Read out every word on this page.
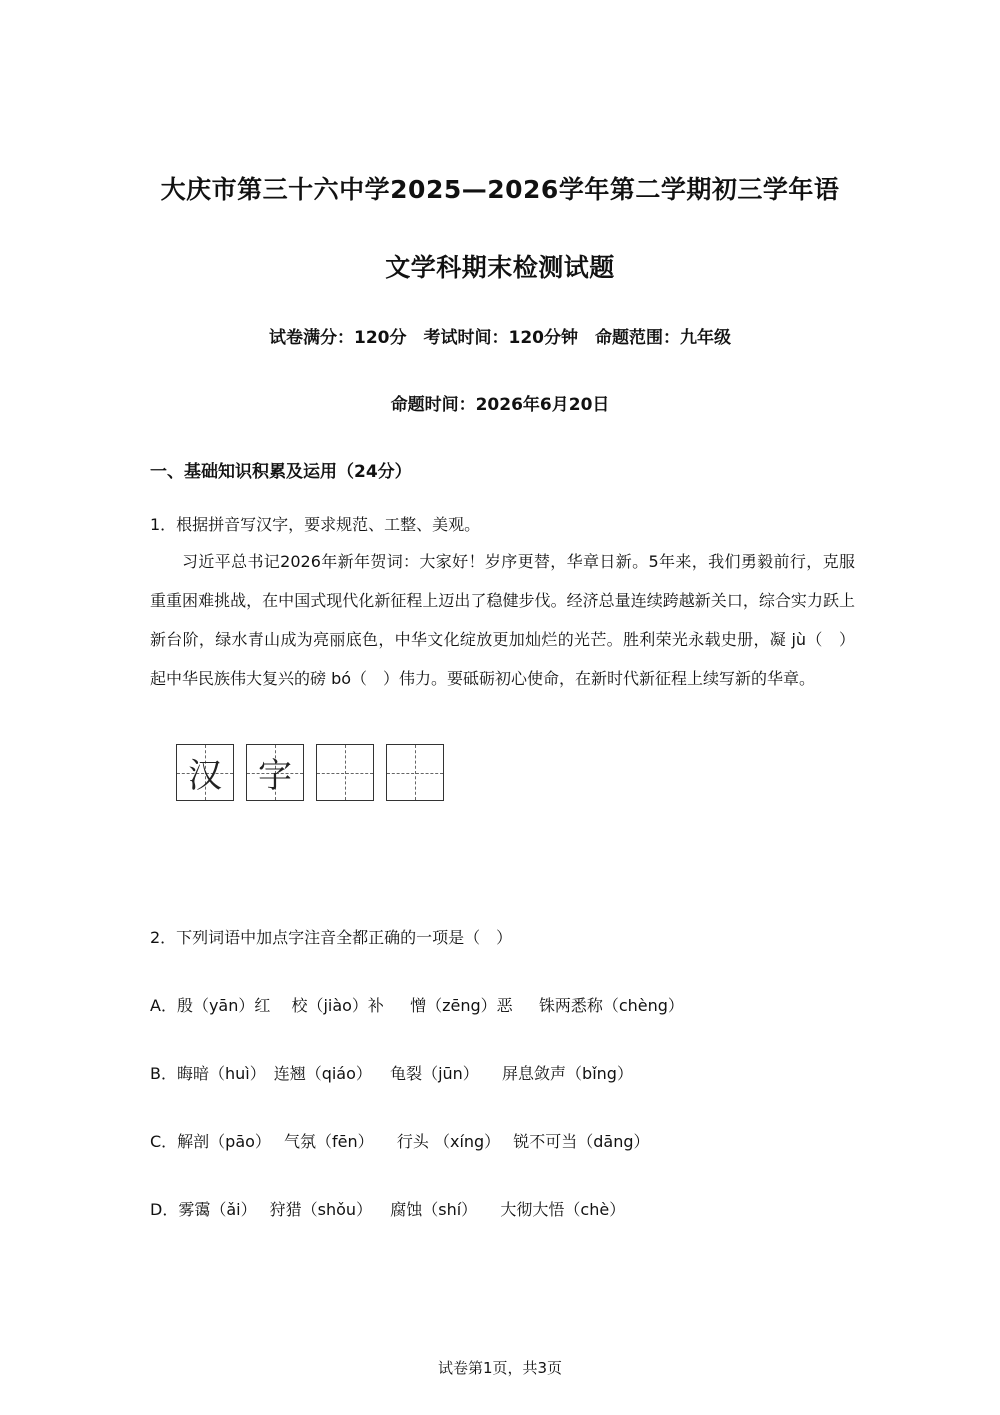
大庆市第三十六中学2025—2026学年第二学期初三学年语
文学科期末检测试题
试卷满分：120分　考试时间：120分钟　命题范围：九年级
命题时间：2026年6月20日
一、基础知识积累及运用（24分）
1．根据拼音写汉字，要求规范、工整、美观。
习近平总书记2026年新年贺词：大家好！岁序更替，华章日新。5年来，我们勇毅前行，克服重重困难挑战，在中国式现代化新征程上迈出了稳健步伐。经济总量连续跨越新关口，综合实力跃上新台阶，绿水青山成为亮丽底色，中华文化绽放更加灿烂的光芒。胜利荣光永载史册，凝 jù（　）起中华民族伟大复兴的磅 bó（　）伟力。要砥砺初心使命，在新时代新征程上续写新的华章。
汉	字
2．下列词语中加点字注音全都正确的一项是（　）
A．殷（yān）红　 校（jiào）补　  憎（zēng）恶　  铢两悉称（chèng）
B．晦暗（huì）　连翘（qiáo）　  龟裂（jūn）　   屏息敛声（bǐng）
C．解剖（pāo）　 气氛（fēn）　   行头 （xíng）　 锐不可当（dāng）
D．雾霭（ǎi）　 狩猎（shǒu）　  腐蚀（shí）　   大彻大悟（chè）
试卷第1页，共3页
